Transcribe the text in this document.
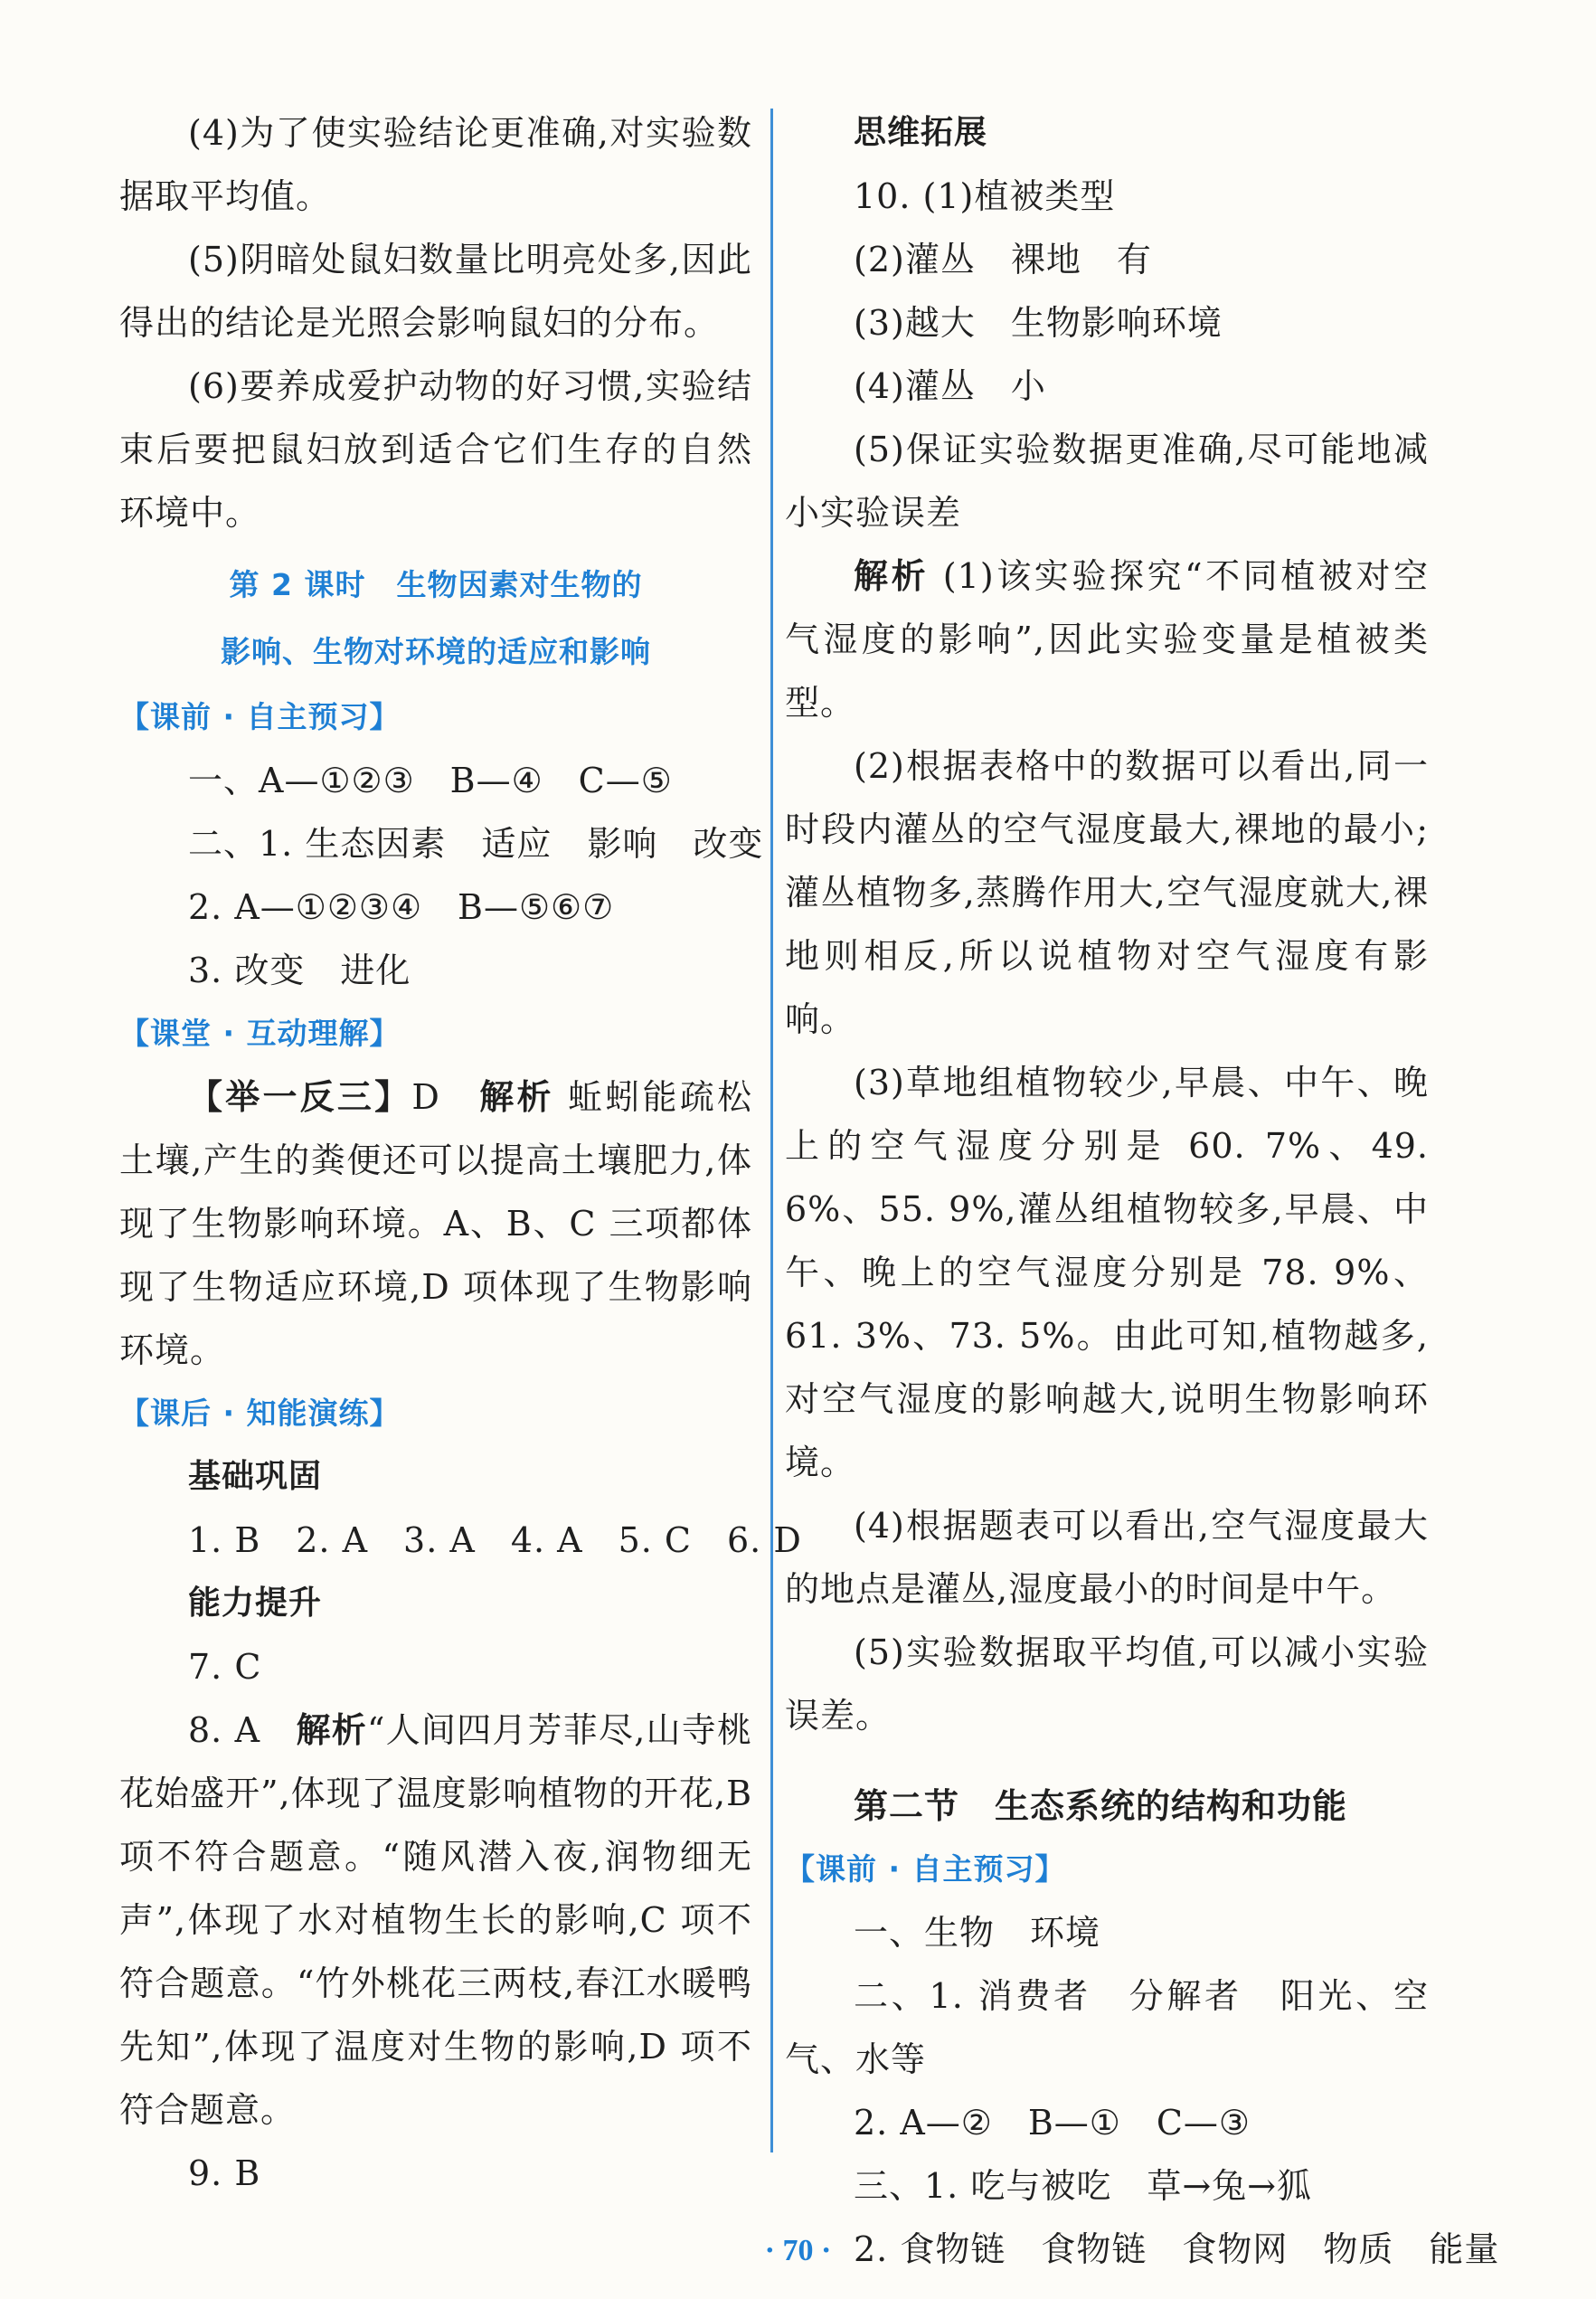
(4)为了使实验结论更准确,对实验数据取平均值。

(5)阴暗处鼠妇数量比明亮处多,因此得出的结论是光照会影响鼠妇的分布。

(6)要养成爱护动物的好习惯,实验结束后要把鼠妇放到适合它们生存的自然环境中。

第 2 课时　生物因素对生物的

影响、生物对环境的适应和影响

【课前 · 自主预习】

一、A—①②③　B—④　C—⑤

二、1. 生态因素　适应　影响　改变

2. A—①②③④　B—⑤⑥⑦

3. 改变　进化

【课堂 · 互动理解】

【举一反三】D　解析 蚯蚓能疏松土壤,产生的粪便还可以提高土壤肥力,体现了生物影响环境。A、B、C 三项都体现了生物适应环境,D 项体现了生物影响环境。

【课后 · 知能演练】

基础巩固

1. B　2. A　3. A　4. A　5. C　6. D

能力提升

7. C

8. A　解析“人间四月芳菲尽,山寺桃花始盛开”,体现了温度影响植物的开花,B 项不符合题意。“随风潜入夜,润物细无声”,体现了水对植物生长的影响,C 项不符合题意。“竹外桃花三两枝,春江水暖鸭先知”,体现了温度对生物的影响,D 项不符合题意。

9. B

思维拓展

10. (1)植被类型

(2)灌丛　裸地　有

(3)越大　生物影响环境

(4)灌丛　小

(5)保证实验数据更准确,尽可能地减小实验误差

解析 (1)该实验探究“不同植被对空气湿度的影响”,因此实验变量是植被类型。

(2)根据表格中的数据可以看出,同一时段内灌丛的空气湿度最大,裸地的最小;灌丛植物多,蒸腾作用大,空气湿度就大,裸地则相反,所以说植物对空气湿度有影响。

(3)草地组植物较少,早晨、中午、晚上的空气湿度分别是 60. 7%、49. 6%、55. 9%,灌丛组植物较多,早晨、中午、晚上的空气湿度分别是 78. 9%、61. 3%、73. 5%。由此可知,植物越多,对空气湿度的影响越大,说明生物影响环境。

(4)根据题表可以看出,空气湿度最大的地点是灌丛,湿度最小的时间是中午。

(5)实验数据取平均值,可以减小实验误差。

第二节　生态系统的结构和功能

【课前 · 自主预习】

一、生物　环境

二、1. 消费者　分解者　阳光、空气、水等

2. A—②　B—①　C—③

三、1. 吃与被吃　草→兔→狐

2. 食物链　食物链　食物网　物质　能量

· 70 ·
